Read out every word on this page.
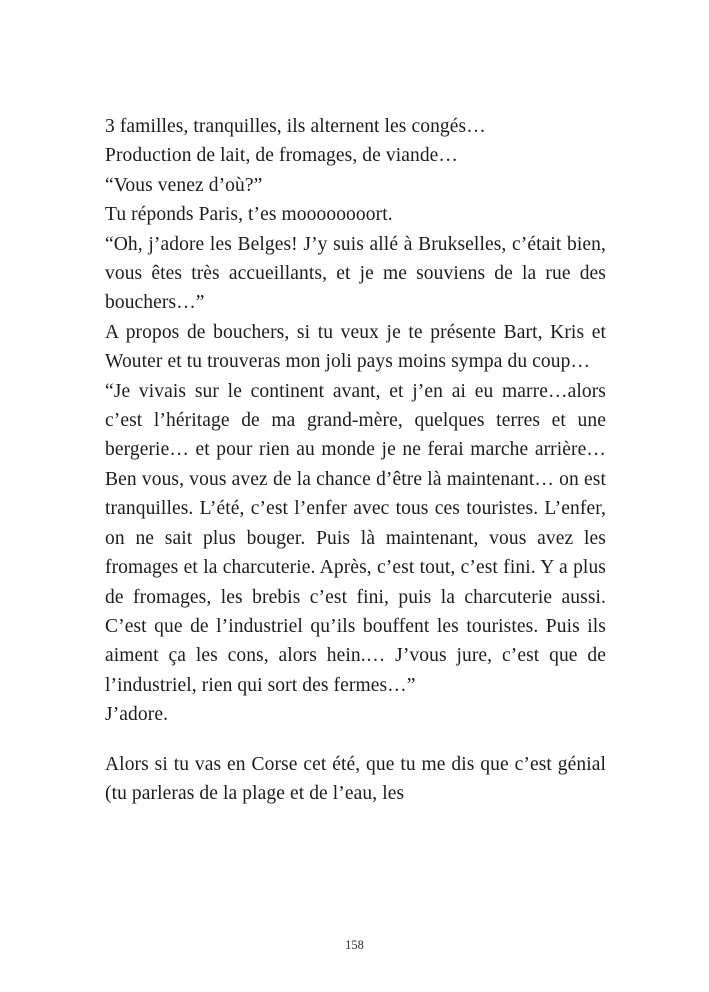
3 familles, tranquilles, ils alternent les congés…

Production de lait, de fromages, de viande…

“Vous venez d’où?”

Tu réponds Paris, t’es moooooooort.

“Oh, j’adore les Belges! J’y suis allé à Brukselles, c’était bien, vous êtes très accueillants, et je me souviens de la rue des bouchers…”

A propos de bouchers, si tu veux je te présente Bart, Kris et Wouter et tu trouveras mon joli pays moins sympa du coup…

“Je vivais sur le continent avant, et j’en ai eu marre…alors c’est l’héritage de ma grand-mère, quelques terres et une bergerie… et pour rien au monde je ne ferai marche arrière…Ben vous, vous avez de la chance d’être là maintenant… on est tranquilles. L’été, c’est l’enfer avec tous ces touristes. L’enfer, on ne sait plus bouger. Puis là maintenant, vous avez les fromages et la charcuterie. Après, c’est tout, c’est fini. Y a plus de fromages, les brebis c’est fini, puis la charcuterie aussi. C’est que de l’industriel qu’ils bouffent les touristes. Puis ils aiment ça les cons, alors hein.… J’vous jure, c’est que de l’industriel, rien qui sort des fermes…”

J’adore.

Alors si tu vas en Corse cet été, que tu me dis que c’est génial (tu parleras de la plage et de l’eau, les

158
